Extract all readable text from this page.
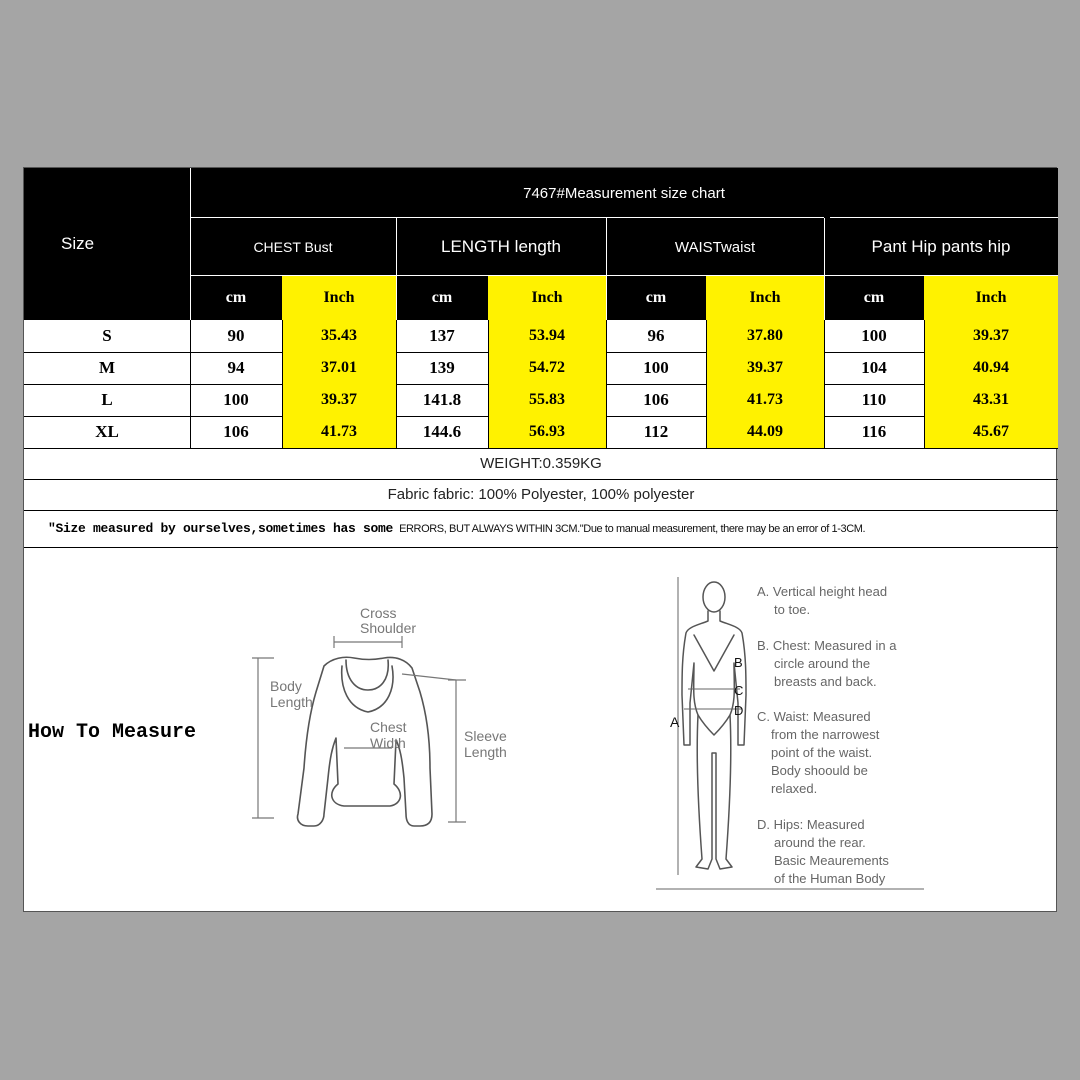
Size
7467#Measurement size chart
CHEST Bust	LENGTH length	WAISTwaist	Pant Hip pants hip
cm	Inch	cm	Inch	cm	Inch	cm	Inch
S	90	35.43	137	53.94	96	37.80	100	39.37
M	94	37.01	139	54.72	100	39.37	104	40.94
L	100	39.37	141.8	55.83	106	41.73	110	43.31
XL	106	41.73	144.6	56.93	112	44.09	116	45.67
WEIGHT:0.359KG
Fabric fabric: 100% Polyester, 100% polyester
"Size measured by ourselves,sometimes has some ERRORS, BUT ALWAYS WITHIN 3CM."Due to manual measurement, there may be an error of 1-3CM.
How To Measure
Cross
Shoulder
Body
Length
Chest
Width	Sleeve
Length
A
B
C
D
A. Vertical height head
to toe.
B. Chest: Measured in a
circle around the
breasts and back.
C. Waist: Measured
from the narrowest
point of the waist.
Body shoould be
relaxed.
D. Hips: Measured
around the rear.
Basic Meaurements
of the Human Body
